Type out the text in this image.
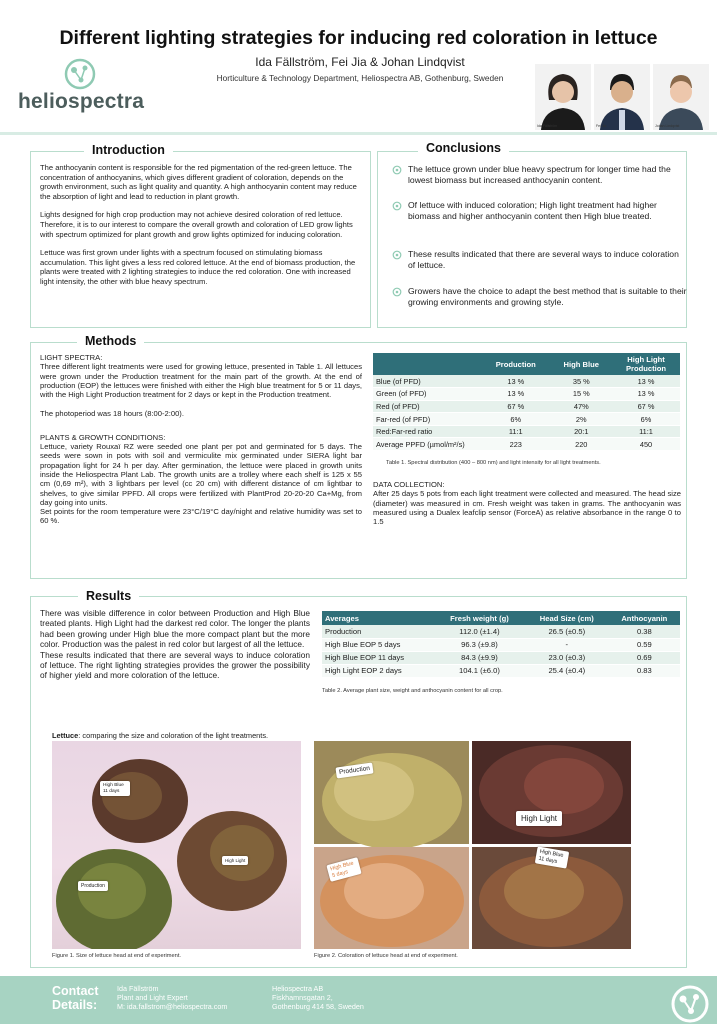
Different lighting strategies for inducing red coloration in lettuce
Ida Fällström, Fei Jia & Johan Lindqvist
Horticulture & Technology Department, Heliospectra AB, Gothenburg, Sweden
heliospectra
Ida Fällström	Fei Jia	Johan Lindqvist
Introduction

The anthocyanin content is responsible for the red pigmentation of the red-green lettuce. The concentration of anthocyanins, which gives different gradient of coloration, depends on the growth environment, such as light quality and quantity. A high anthocyanin content may reduce the absorption of light and lead to reduction in plant growth.

Lights designed for high crop production may not achieve desired coloration of red lettuce. Therefore, it is to our interest to compare the overall growth and coloration of LED grow lights with spectrum optimized for plant growth and grow lights optimized for inducing coloration.

Lettuce was first grown under lights with a spectrum focused on stimulating biomass accumulation. This light gives a less red colored lettuce. At the end of biomass production, the plants were treated with 2 lighting strategies to induce the red coloration. One with increased light intensity, the other with blue heavy spectrum.

Conclusions
The lettuce grown under blue heavy spectrum for longer time had the lowest biomass but increased anthocyanin content.
Of lettuce with induced coloration; High light treatment had higher biomass and higher anthocyanin content then High blue treated.
These results indicated that there are several ways to induce coloration of lettuce.
Growers have the choice to adapt the best method that is suitable to their growing environments and growing style.
Methods
LIGHT SPECTRA:
Three different light treatments were used for growing lettuce, presented in Table 1. All lettuces were grown under the Production treatment for the main part of the growth. At the end of production (EOP) the lettuces were finished with either the High blue treatment for 5 or 11 days, with the High Light Production treatment for 2 days or kept in the Production treatment.
The photoperiod was 18 hours (8:00-2:00).
PLANTS & GROWTH CONDITIONS:
Lettuce, variety Rouxaï RZ were seeded one plant per pot and germinated for 5 days. The seeds were sown in pots with soil and vermiculite mix germinated under SIERA light bar propagation light for 24 h per day. After germination, the lettuce were placed in growth units inside the Heliospectra Plant Lab. The growth units are a trolley where each shelf is 125 x 55 cm (0,69 m²), with 3 lightbars per level (cc 20 cm) with different distance of cm lightbar to shelves, to give similar PPFD. All crops were fertilized with PlantProd 20-20-20 Ca+Mg, from day going into units.
Set points for the room temperature were 23°C/19°C day/night and relative humidity was set to 60 %.
	Production	High Blue	High Light Production
Blue (of PFD)	13 %	35 %	13 %
Green (of PFD)	13 %	15 %	13 %
Red (of PFD)	67 %	47%	67 %
Far-red (of PFD)	6%	2%	6%
Red:Far-red ratio	11:1	20:1	11:1
Average PPFD (µmol/m²/s)	223	220	450
Table 1. Spectral distribution (400 – 800 nm) and light intensity for all light treatments.
DATA COLLECTION:
After 25 days 5 pots from each light treatment were collected and measured. The head size (diameter) was measured in cm. Fresh weight was taken in grams. The anthocyanin was measured using a Dualex leafclip sensor (ForceA) as relative absorbance in the range 0 to 1.5
Results
There was visible difference in color between Production and High Blue treated plants. High Light had the darkest red color. The longer the plants had been growing under High blue the more compact plant but the more color. Production was the palest in red color but largest of all the lettuce.
These results indicated that there are several ways to induce coloration of lettuce. The right lighting strategies provides the grower the possibility of higher yield and more coloration of the lettuce.
Averages	Fresh weight (g)	Head Size (cm)	Anthocyanin
Production	112.0 (±1.4)	26.5 (±0.5)	0.38
High Blue EOP 5 days	96.3 (±9.8)	-	0.59
High Blue EOP 11 days	84.3 (±9.9)	23.0 (±0.3)	0.69
High Light EOP 2 days	104.1 (±6.0)	25.4 (±0.4)	0.83
Table 2. Average plant size, weight and anthocyanin content for all crop.
Lettuce: comparing the size and coloration of the light treatments.
High Blue 11 days
High Light
Production
Figure 1. Size of lettuce head at end of experiment.
Production
High Light
High Blue 5 days
High Blue 11 days
Figure 2. Coloration of lettuce head at end of experiment.
Contact Details:
Ida Fällström
Plant and Light Expert
M: ida.fallstrom@heliospectra.com
Heliospectra AB
Fiskhamnsgatan 2,
Gothenburg 414 58, Sweden
